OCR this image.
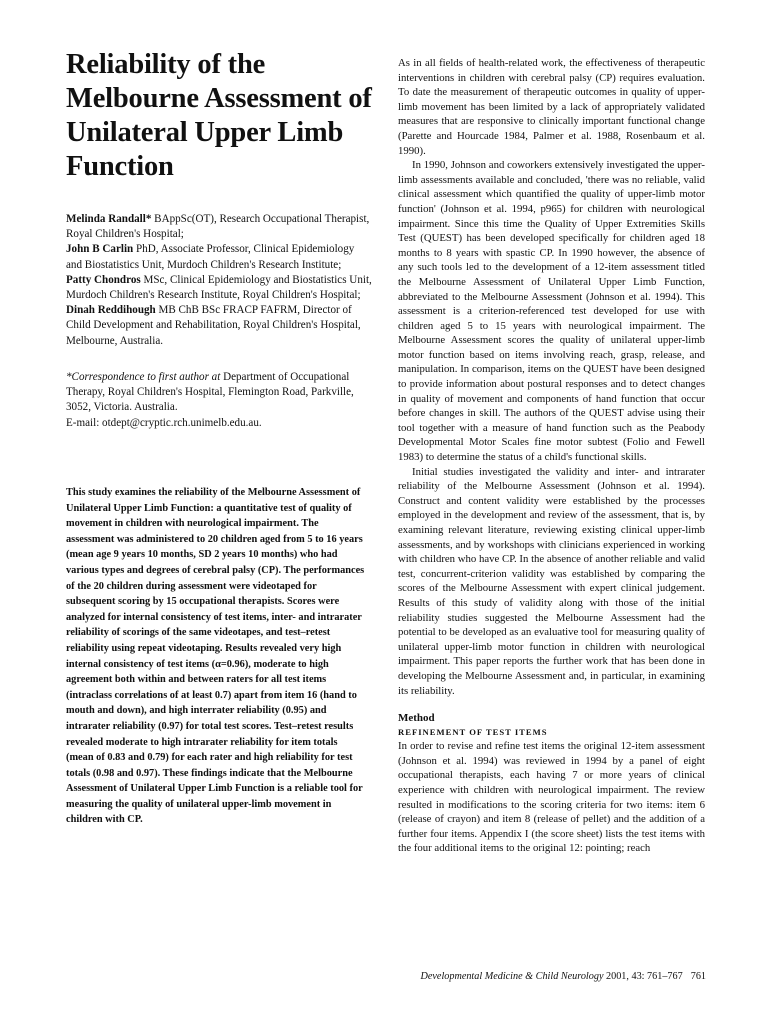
Reliability of the Melbourne Assessment of Unilateral Upper Limb Function

Melinda Randall* BAppSc(OT), Research Occupational Therapist, Royal Children's Hospital;

John B Carlin PhD, Associate Professor, Clinical Epidemiology and Biostatistics Unit, Murdoch Children's Research Institute;

Patty Chondros MSc, Clinical Epidemiology and Biostatistics Unit, Murdoch Children's Research Institute, Royal Children's Hospital;

Dinah Reddihough MB ChB BSc FRACP FAFRM, Director of Child Development and Rehabilitation, Royal Children's Hospital, Melbourne, Australia.

*Correspondence to first author at Department of Occupational Therapy, Royal Children's Hospital, Flemington Road, Parkville, 3052, Victoria. Australia.

E-mail: otdept@cryptic.rch.unimelb.edu.au.

This study examines the reliability of the Melbourne Assessment of Unilateral Upper Limb Function: a quantitative test of quality of movement in children with neurological impairment. The assessment was administered to 20 children aged from 5 to 16 years (mean age 9 years 10 months, SD 2 years 10 months) who had various types and degrees of cerebral palsy (CP). The performances of the 20 children during assessment were videotaped for subsequent scoring by 15 occupational therapists. Scores were analyzed for internal consistency of test items, inter- and intrarater reliability of scorings of the same videotapes, and test–retest reliability using repeat videotaping. Results revealed very high internal consistency of test items (α=0.96), moderate to high agreement both within and between raters for all test items (intraclass correlations of at least 0.7) apart from item 16 (hand to mouth and down), and high interrater reliability (0.95) and intrarater reliability (0.97) for total test scores. Test–retest results revealed moderate to high intrarater reliability for item totals (mean of 0.83 and 0.79) for each rater and high reliability for test totals (0.98 and 0.97). These findings indicate that the Melbourne Assessment of Unilateral Upper Limb Function is a reliable tool for measuring the quality of unilateral upper-limb movement in children with CP.

As in all fields of health-related work, the effectiveness of therapeutic interventions in children with cerebral palsy (CP) requires evaluation. To date the measurement of therapeutic outcomes in quality of upper-limb movement has been limited by a lack of appropriately validated measures that are responsive to clinically important functional change (Parette and Hourcade 1984, Palmer et al. 1988, Rosenbaum et al. 1990).

In 1990, Johnson and coworkers extensively investigated the upper-limb assessments available and concluded, 'there was no reliable, valid clinical assessment which quantified the quality of upper-limb motor function' (Johnson et al. 1994, p965) for children with neurological impairment. Since this time the Quality of Upper Extremities Skills Test (QUEST) has been developed specifically for children aged 18 months to 8 years with spastic CP. In 1990 however, the absence of any such tools led to the development of a 12-item assessment titled the Melbourne Assessment of Unilateral Upper Limb Function, abbreviated to the Melbourne Assessment (Johnson et al. 1994). This assessment is a criterion-referenced test developed for use with children aged 5 to 15 years with neurological impairment. The Melbourne Assessment scores the quality of unilateral upper-limb motor function based on items involving reach, grasp, release, and manipulation. In comparison, items on the QUEST have been designed to provide information about postural responses and to detect changes in quality of movement and components of hand function that occur before changes in skill. The authors of the QUEST advise using their tool together with a measure of hand function such as the Peabody Developmental Motor Scales fine motor subtest (Folio and Fewell 1983) to determine the status of a child's functional skills.

Initial studies investigated the validity and inter- and intrarater reliability of the Melbourne Assessment (Johnson et al. 1994). Construct and content validity were established by the processes employed in the development and review of the assessment, that is, by examining relevant literature, reviewing existing clinical upper-limb assessments, and by workshops with clinicians experienced in working with children who have CP. In the absence of another reliable and valid test, concurrent-criterion validity was established by comparing the scores of the Melbourne Assessment with expert clinical judgement. Results of this study of validity along with those of the initial reliability studies suggested the Melbourne Assessment had the potential to be developed as an evaluative tool for measuring quality of unilateral upper-limb motor function in children with neurological impairment. This paper reports the further work that has been done in developing the Melbourne Assessment and, in particular, in examining its reliability.

Method
REFINEMENT OF TEST ITEMS

In order to revise and refine test items the original 12-item assessment (Johnson et al. 1994) was reviewed in 1994 by a panel of eight occupational therapists, each having 7 or more years of clinical experience with children with neurological impairment. The review resulted in modifications to the scoring criteria for two items: item 6 (release of crayon) and item 8 (release of pellet) and the addition of a further four items. Appendix I (the score sheet) lists the test items with the four additional items to the original 12: pointing; reach

Developmental Medicine & Child Neurology 2001, 43: 761–767 761
